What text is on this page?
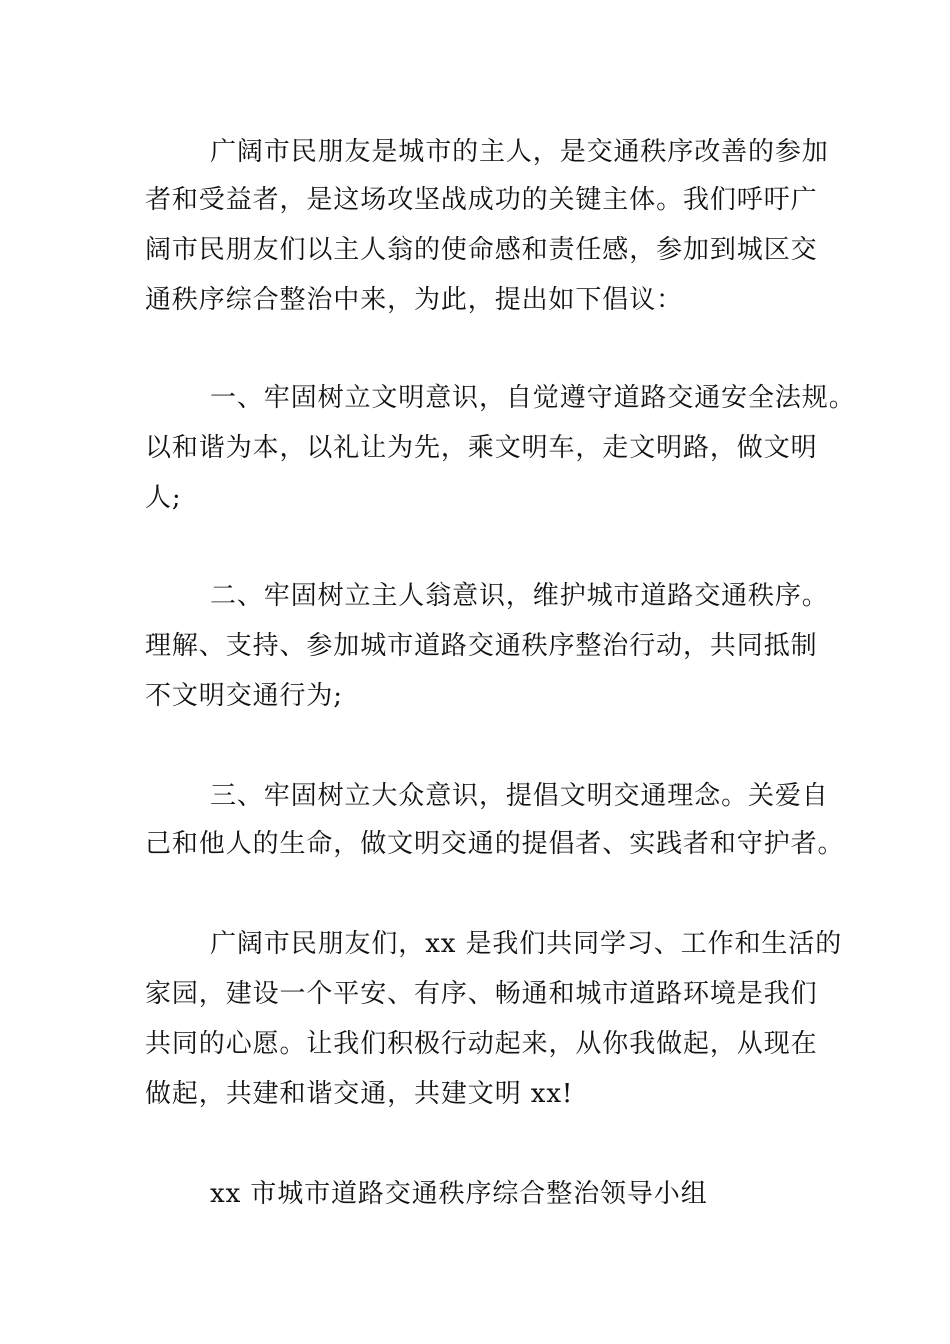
广阔市民朋友是城市的主人，是交通秩序改善的参加
者和受益者，是这场攻坚战成功的关键主体。我们呼吁广
阔市民朋友们以主人翁的使命感和责任感，参加到城区交
通秩序综合整治中来，为此，提出如下倡议：
一、牢固树立文明意识，自觉遵守道路交通安全法规。
以和谐为本，以礼让为先，乘文明车，走文明路，做文明
人;
二、牢固树立主人翁意识，维护城市道路交通秩序。
理解、支持、参加城市道路交通秩序整治行动，共同抵制
不文明交通行为;
三、牢固树立大众意识，提倡文明交通理念。关爱自
己和他人的生命，做文明交通的提倡者、实践者和守护者。
广阔市民朋友们，xx 是我们共同学习、工作和生活的
家园，建设一个平安、有序、畅通和城市道路环境是我们
共同的心愿。让我们积极行动起来，从你我做起，从现在
做起，共建和谐交通，共建文明 xx!
xx 市城市道路交通秩序综合整治领导小组
